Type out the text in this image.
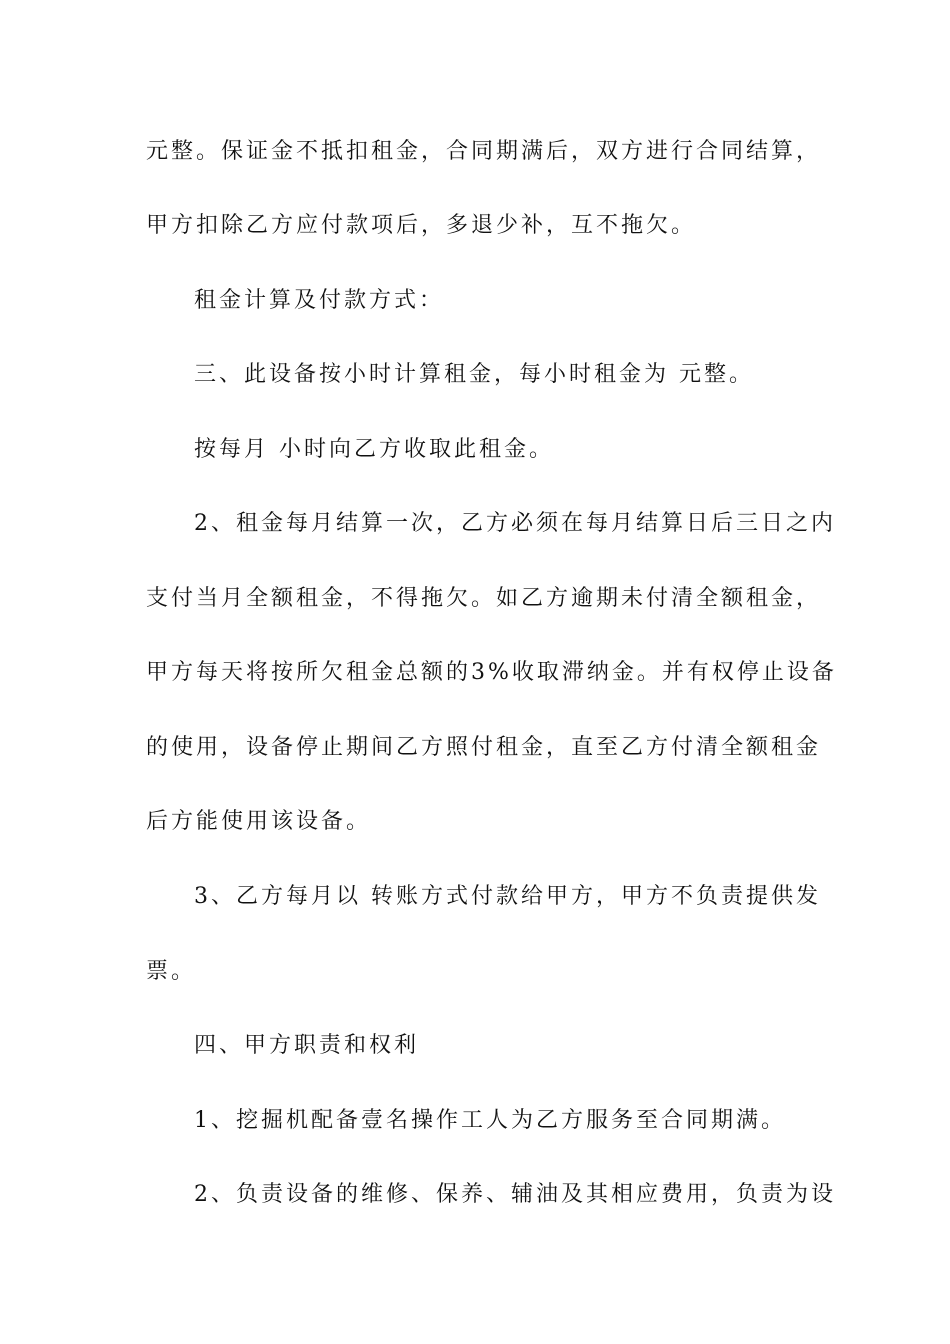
元整。保证金不抵扣租金，合同期满后，双方进行合同结算，
甲方扣除乙方应付款项后，多退少补，互不拖欠。
租金计算及付款方式：
三、此设备按小时计算租金，每小时租金为 元整。
按每月 小时向乙方收取此租金。
2、租金每月结算一次，乙方必须在每月结算日后三日之内
支付当月全额租金，不得拖欠。如乙方逾期未付清全额租金，
甲方每天将按所欠租金总额的3%收取滞纳金。并有权停止设备
的使用，设备停止期间乙方照付租金，直至乙方付清全额租金
后方能使用该设备。
3、乙方每月以 转账方式付款给甲方，甲方不负责提供发
票。
四、甲方职责和权利
1、挖掘机配备壹名操作工人为乙方服务至合同期满。
2、负责设备的维修、保养、辅油及其相应费用，负责为设
